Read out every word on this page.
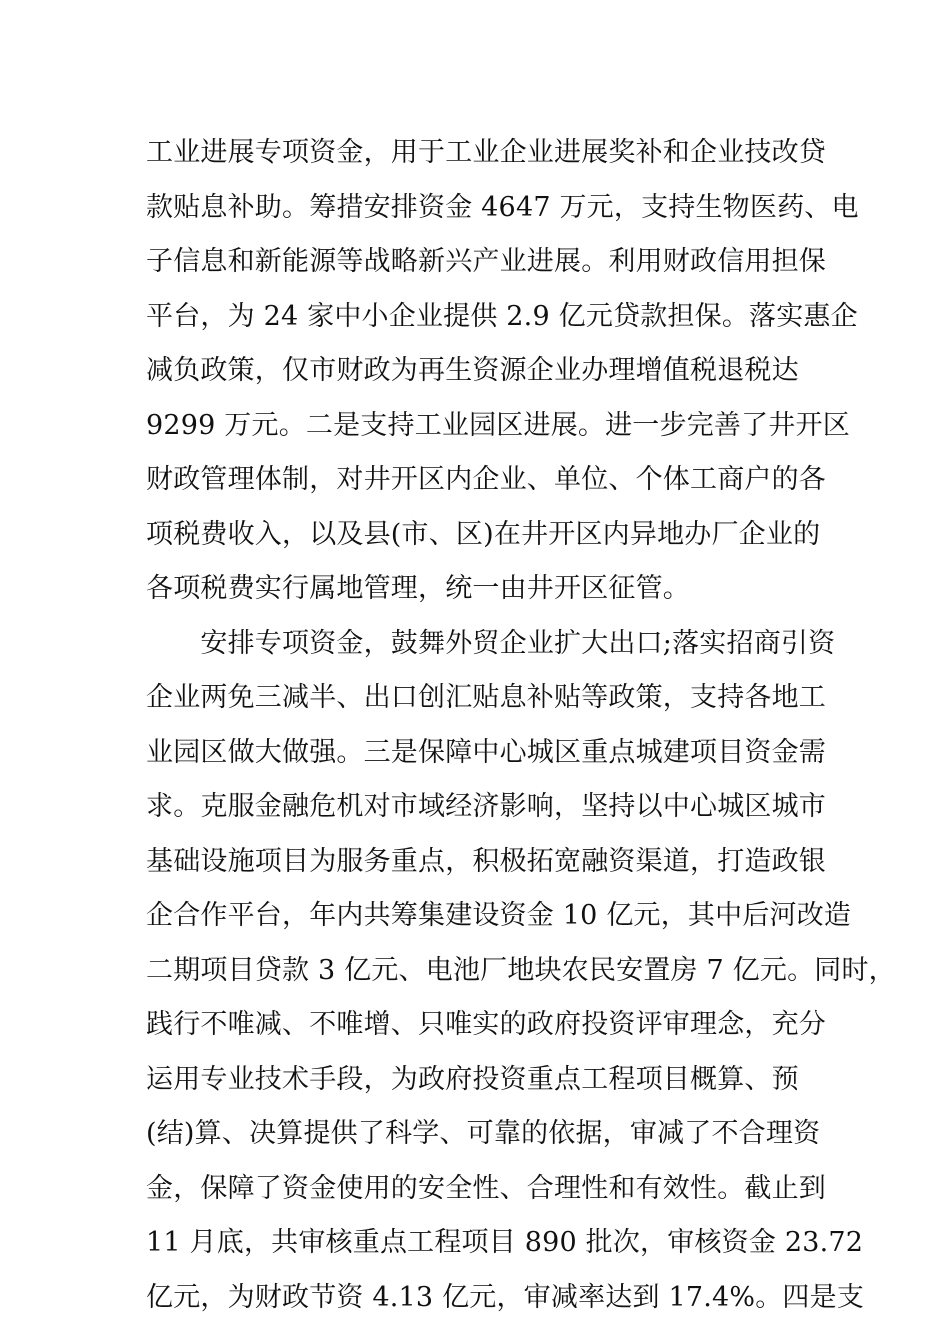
工业进展专项资金，用于工业企业进展奖补和企业技改贷
款贴息补助。筹措安排资金 4647 万元，支持生物医药、电
子信息和新能源等战略新兴产业进展。利用财政信用担保
平台，为 24 家中小企业提供 2.9 亿元贷款担保。落实惠企
减负政策，仅市财政为再生资源企业办理增值税退税达
9299 万元。二是支持工业园区进展。进一步完善了井开区
财政管理体制，对井开区内企业、单位、个体工商户的各
项税费收入，以及县(市、区)在井开区内异地办厂企业的
各项税费实行属地管理，统一由井开区征管。
　　安排专项资金，鼓舞外贸企业扩大出口;落实招商引资
企业两免三减半、出口创汇贴息补贴等政策，支持各地工
业园区做大做强。三是保障中心城区重点城建项目资金需
求。克服金融危机对市域经济影响，坚持以中心城区城市
基础设施项目为服务重点，积极拓宽融资渠道，打造政银
企合作平台，年内共筹集建设资金 10 亿元，其中后河改造
二期项目贷款 3 亿元、电池厂地块农民安置房 7 亿元。同时，
践行不唯减、不唯增、只唯实的政府投资评审理念，充分
运用专业技术手段，为政府投资重点工程项目概算、预
(结)算、决算提供了科学、可靠的依据，审减了不合理资
金，保障了资金使用的安全性、合理性和有效性。截止到
11 月底，共审核重点工程项目 890 批次，审核资金 23.72
亿元，为财政节资 4.13 亿元，审减率达到 17.4%。四是支
